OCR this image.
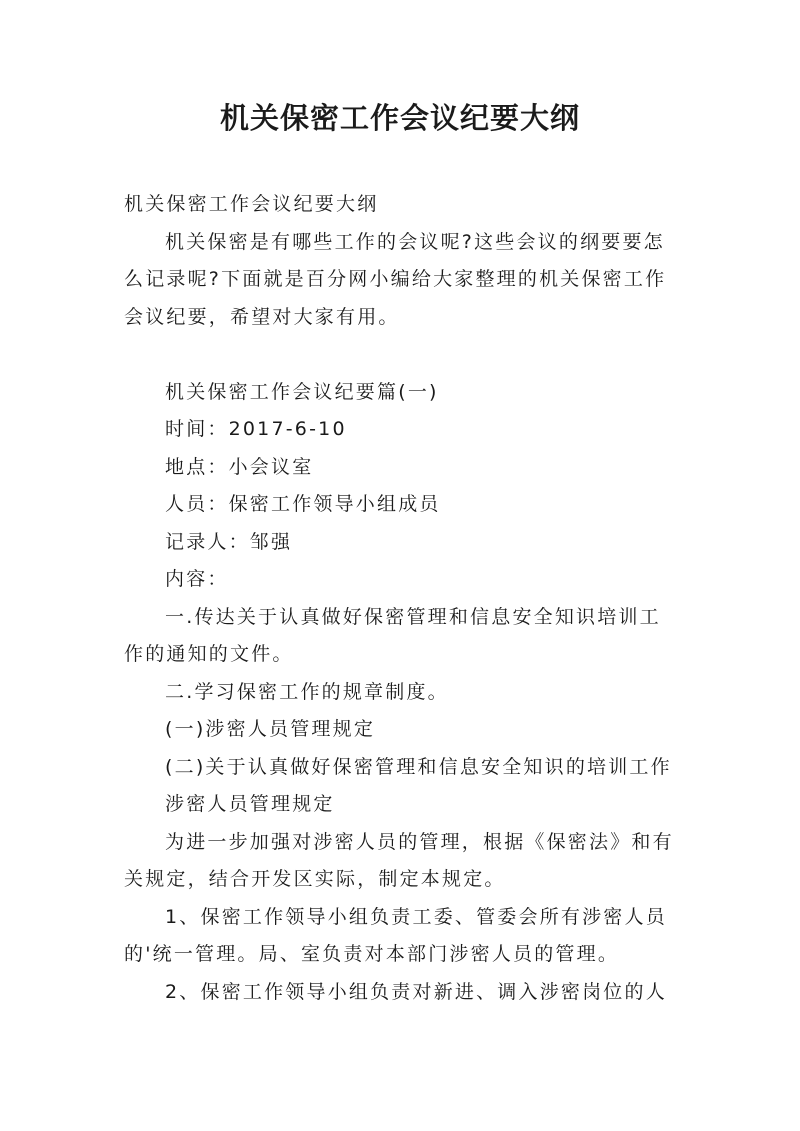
机关保密工作会议纪要大纲

机关保密工作会议纪要大纲

机关保密是有哪些工作的会议呢?这些会议的纲要要怎么记录呢?下面就是百分网小编给大家整理的机关保密工作会议纪要，希望对大家有用。

机关保密工作会议纪要篇(一)

时间：2017-6-10

地点：小会议室

人员：保密工作领导小组成员

记录人：邹强

内容：

一.传达关于认真做好保密管理和信息安全知识培训工作的通知的文件。

二.学习保密工作的规章制度。

(一)涉密人员管理规定

(二)关于认真做好保密管理和信息安全知识的培训工作

涉密人员管理规定

为进一步加强对涉密人员的管理，根据《保密法》和有关规定，结合开发区实际，制定本规定。

1、保密工作领导小组负责工委、管委会所有涉密人员的'统一管理。局、室负责对本部门涉密人员的管理。

2、保密工作领导小组负责对新进、调入涉密岗位的人
